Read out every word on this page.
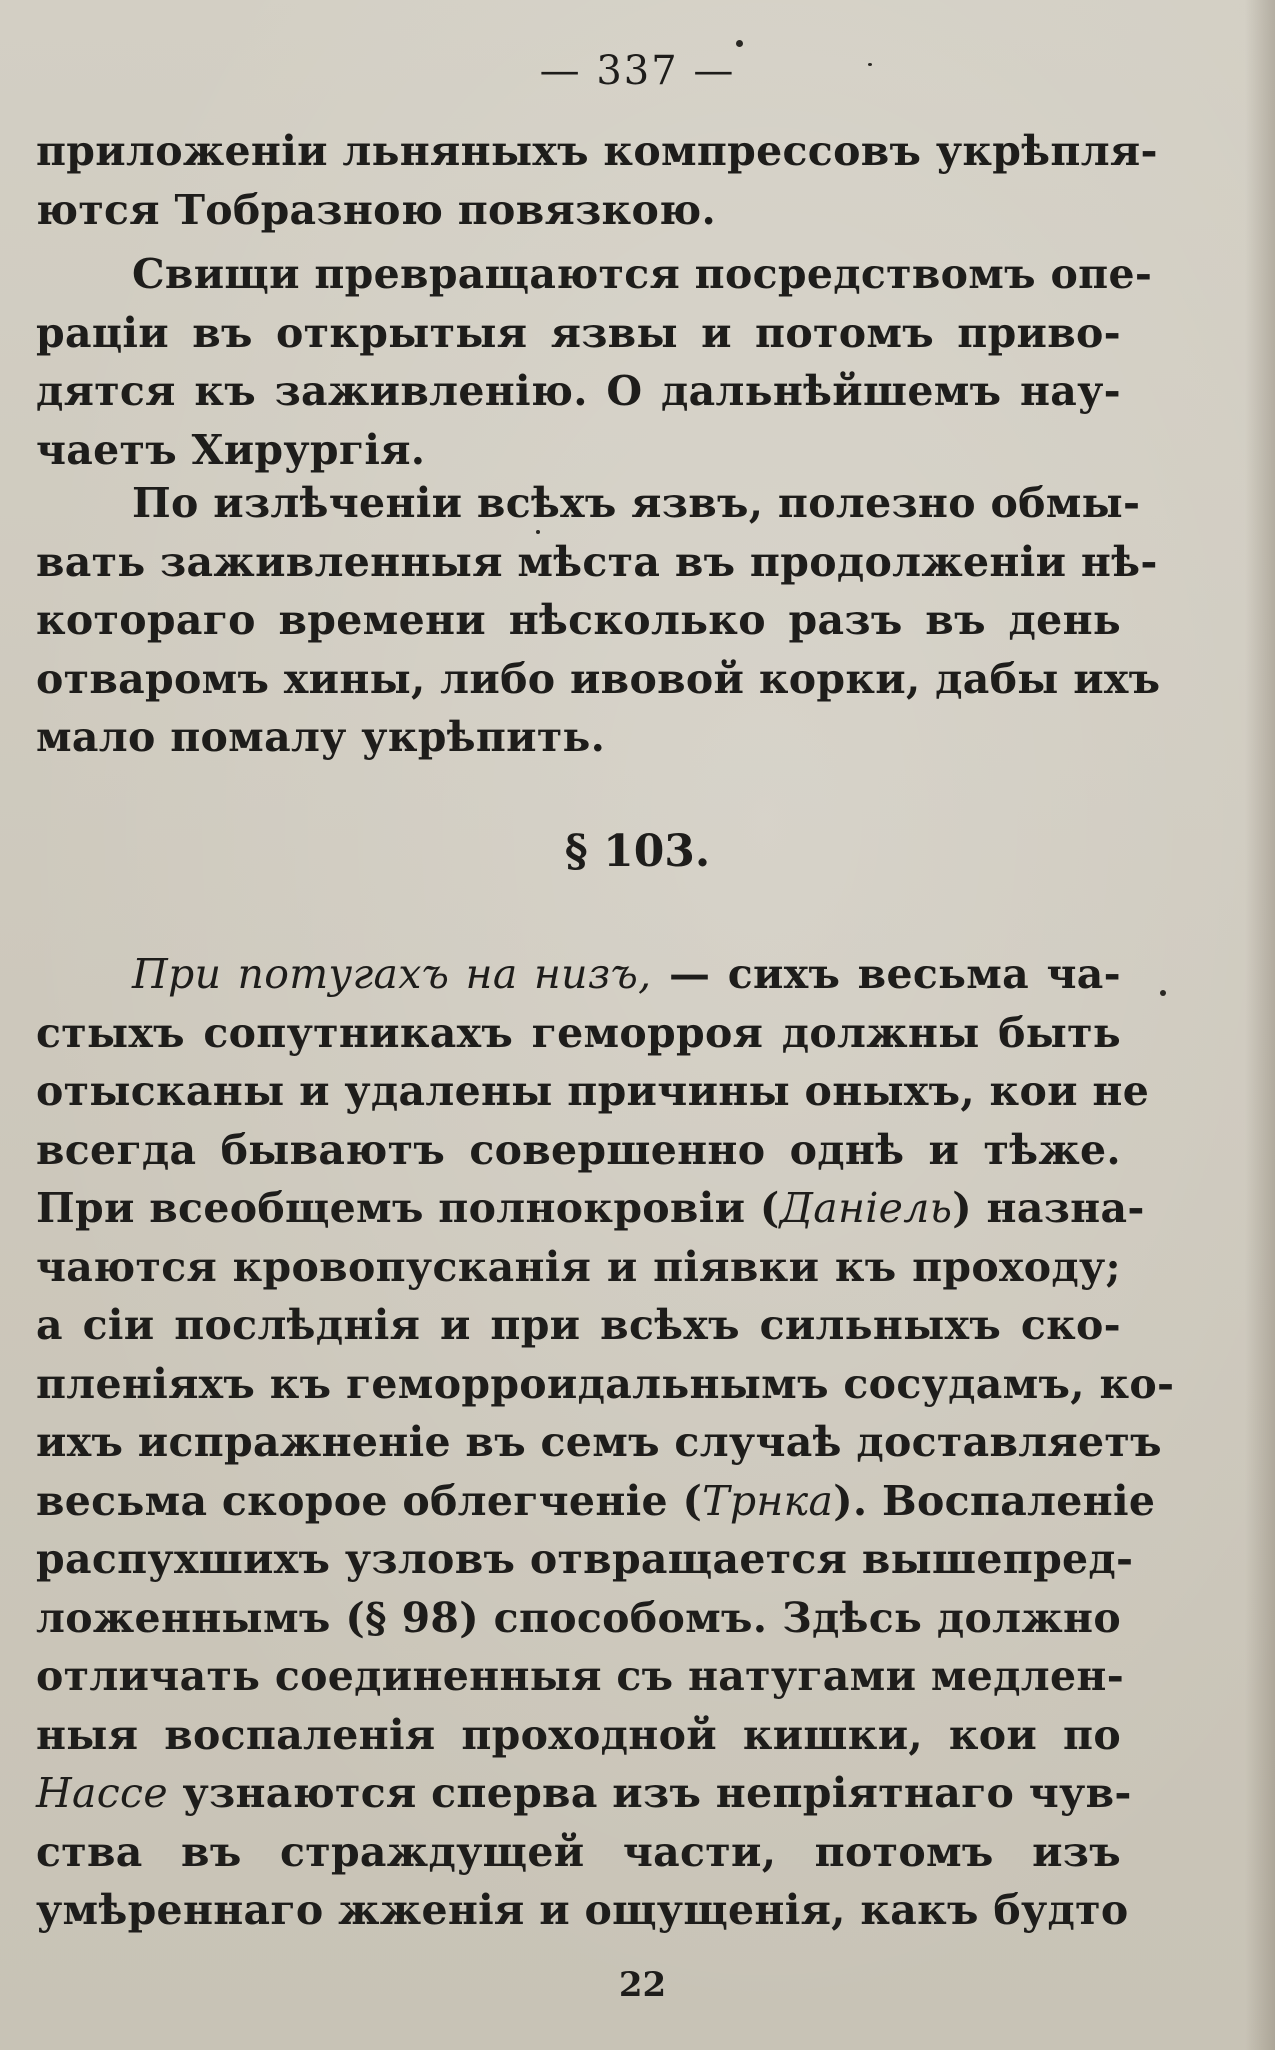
— 337 —
приложенiи льняныхъ компрессовъ укрѣпля-
ются Тобразною повязкою.
Свищи превращаются посредствомъ опе-
рацiи въ открытыя язвы и потомъ приво-
дятся къ заживленiю. О дальнѣйшемъ нау-
чаетъ Хирургiя.
По излѣченiи всѣхъ язвъ, полезно обмы-
вать заживленныя мѣста въ продолженiи нѣ-
котораго времени нѣсколько разъ въ день
отваромъ хины, либо ивовой корки, дабы ихъ
мало помалу укрѣпить.
§ 103.
При потугахъ на низъ, — сихъ весьма ча-
стыхъ сопутникахъ геморроя должны быть
отысканы и удалены причины оныхъ, кои не
всегда бываютъ совершенно однѣ и тѣже.
При всеобщемъ полнокровiи (Данiель) назна-
чаются кровопусканiя и пiявки къ проходу;
а сiи послѣднiя и при всѣхъ сильныхъ ско-
пленiяхъ къ геморроидальнымъ сосудамъ, ко-
ихъ испражненiе въ семъ случаѣ доставляетъ
весьма скорое облегченiе (Трнка). Воспаленiе
распухшихъ узловъ отвращается вышепред-
ложеннымъ (§ 98) способомъ. Здѣсь должно
отличать соединенныя съ натугами медлен-
ныя воспаленiя проходной кишки, кои по
Нассе узнаются сперва изъ непрiятнаго чув-
ства въ страждущей части, потомъ изъ
умѣреннаго жженiя и ощущенiя, какъ будто
22
